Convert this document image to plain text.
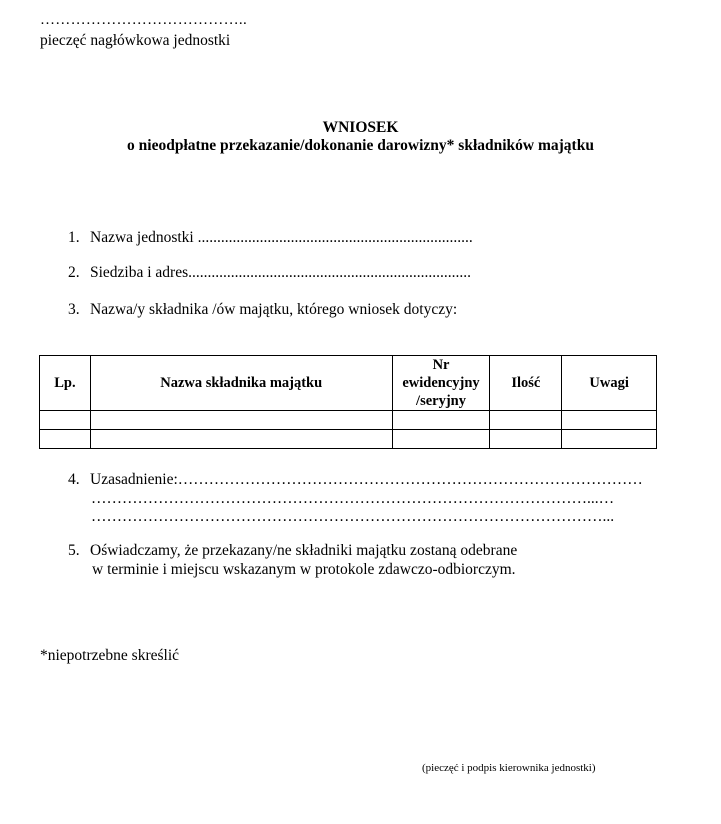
…………………………………..
pieczęć nagłówkowa jednostki
WNIOSEK
o nieodpłatne przekazanie/dokonanie darowizny* składników majątku
1. Nazwa jednostki .......................................................................
2. Siedziba i adres.........................................................................
3. Nazwa/y składnika /ów majątku, którego wniosek dotyczy:
Lp.	Nazwa składnika majątku	Nr
ewidencyjny
/seryjny	Ilość	Uwagi

4. Uzasadnienie:………………………………………………………………………………
……………………………………………………………………………………...…
………………………………………………………………………………………...
5. Oświadczamy, że przekazany/ne składniki majątku zostaną odebrane
w terminie i miejscu wskazanym w protokole zdawczo-odbiorczym.
*niepotrzebne skreślić
(pieczęć i podpis kierownika jednostki)
